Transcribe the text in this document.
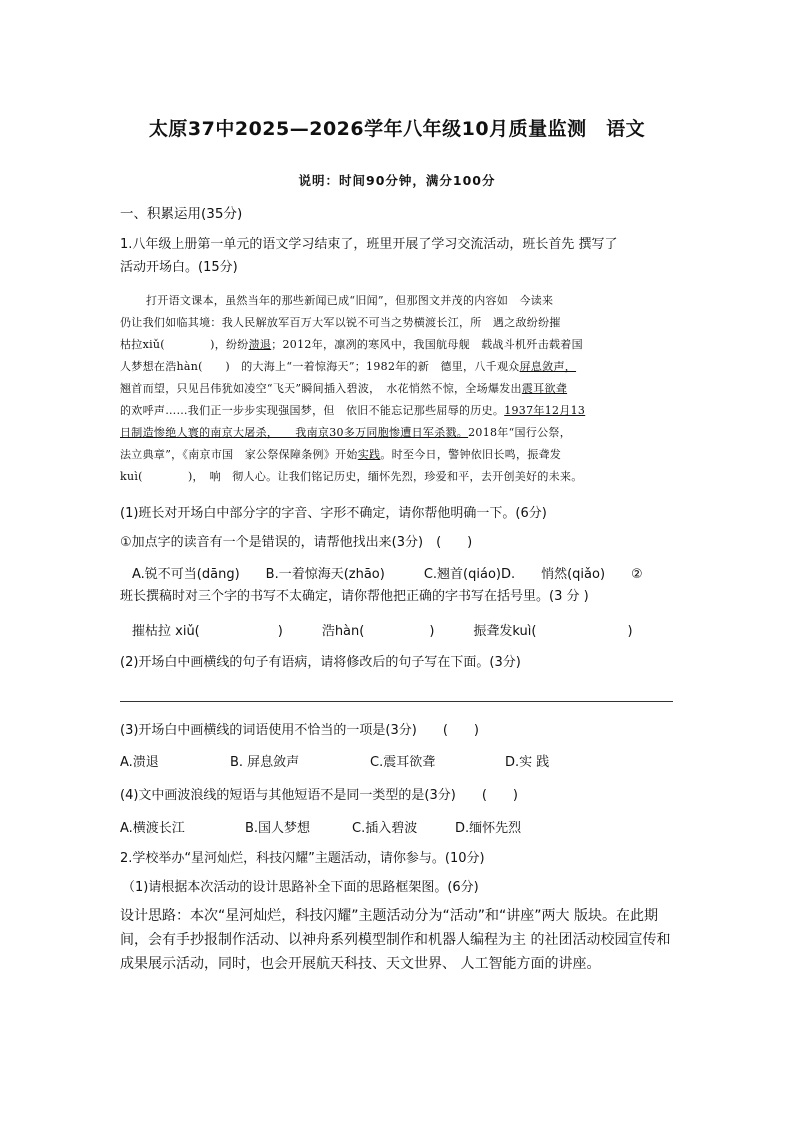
太原37中2025—2026学年八年级10月质量监测　语文
说明：时间90分钟，满分100分
一、积累运用(35分)
1.八年级上册第一单元的语文学习结束了，班里开展了学习交流活动，班长首先 撰写了
活动开场白。(15分)
打开语文课本，虽然当年的那些新闻已成“旧闻”，但那图文并茂的内容如　今读来
仍让我们如临其境：我人民解放军百万大军以锐不可当之势横渡长江，所　遇之敌纷纷摧
枯拉xiǔ(　　　　)，纷纷溃退；2012年，凛冽的寒风中，我国航母舰　载战斗机歼击载着国
人梦想在浩hàn(　　)　的大海上“一着惊海天”；1982年的新　德里，八千观众屏息敛声，
翘首而望，只见吕伟犹如凌空“飞天”瞬间插入碧波，　水花悄然不惊，全场爆发出震耳欲聋
的欢呼声……我们正一步步实现强国梦，但　依旧不能忘记那些屈辱的历史。1937年12月13
日制造惨绝人寰的南京大屠杀，　　我南京30多万同胞惨遭日军杀戮。2018年“国行公祭，
法立典章”，《南京市国　家公祭保障条例》开始实践。时至今日，警钟依旧长鸣，振聋发
kuì(　　　　)，　响　彻人心。让我们铭记历史，缅怀先烈，珍爱和平，去开创美好的未来。
(1)班长对开场白中部分字的字音、字形不确定，请你帮他明确一下。(6分)
①加点字的读音有一个是错误的，请帮他找出来(3分)　(　　)
A.锐不可当(dāng)　　B.一着惊海天(zhāo)　　　C.翘首(qiáo)D.　　悄然(qiǎo)　　②
班长撰稿时对三个字的书写不太确定，请你帮他把正确的字书写在括号里。(3 分 )
摧枯拉 xiǔ(　　　　　　)　　　浩hàn(　　　　　)　　　振聋发kuì(　　　　　　　)
(2)开场白中画横线的句子有语病，请将修改后的句子写在下面。(3分)
(3)开场白中画横线的词语使用不恰当的一项是(3分)　　(　　)
A.溃退	B. 屏息敛声	C.震耳欲聋	D.实 践
(4)文中画波浪线的短语与其他短语不是同一类型的是(3分)　　(　　)
A.横渡长江	B.国人梦想	C.插入碧波	D.缅怀先烈
2.学校举办“星河灿烂，科技闪耀”主题活动，请你参与。(10分)
（1)请根据本次活动的设计思路补全下面的思路框架图。(6分)
设计思路：本次“星河灿烂，科技闪耀”主题活动分为“活动”和“讲座”两大 版块。在此期间，会有手抄报制作活动、以神舟系列模型制作和机器人编程为主 的社团活动校园宣传和成果展示活动，同时，也会开展航天科技、天文世界、 人工智能方面的讲座。
